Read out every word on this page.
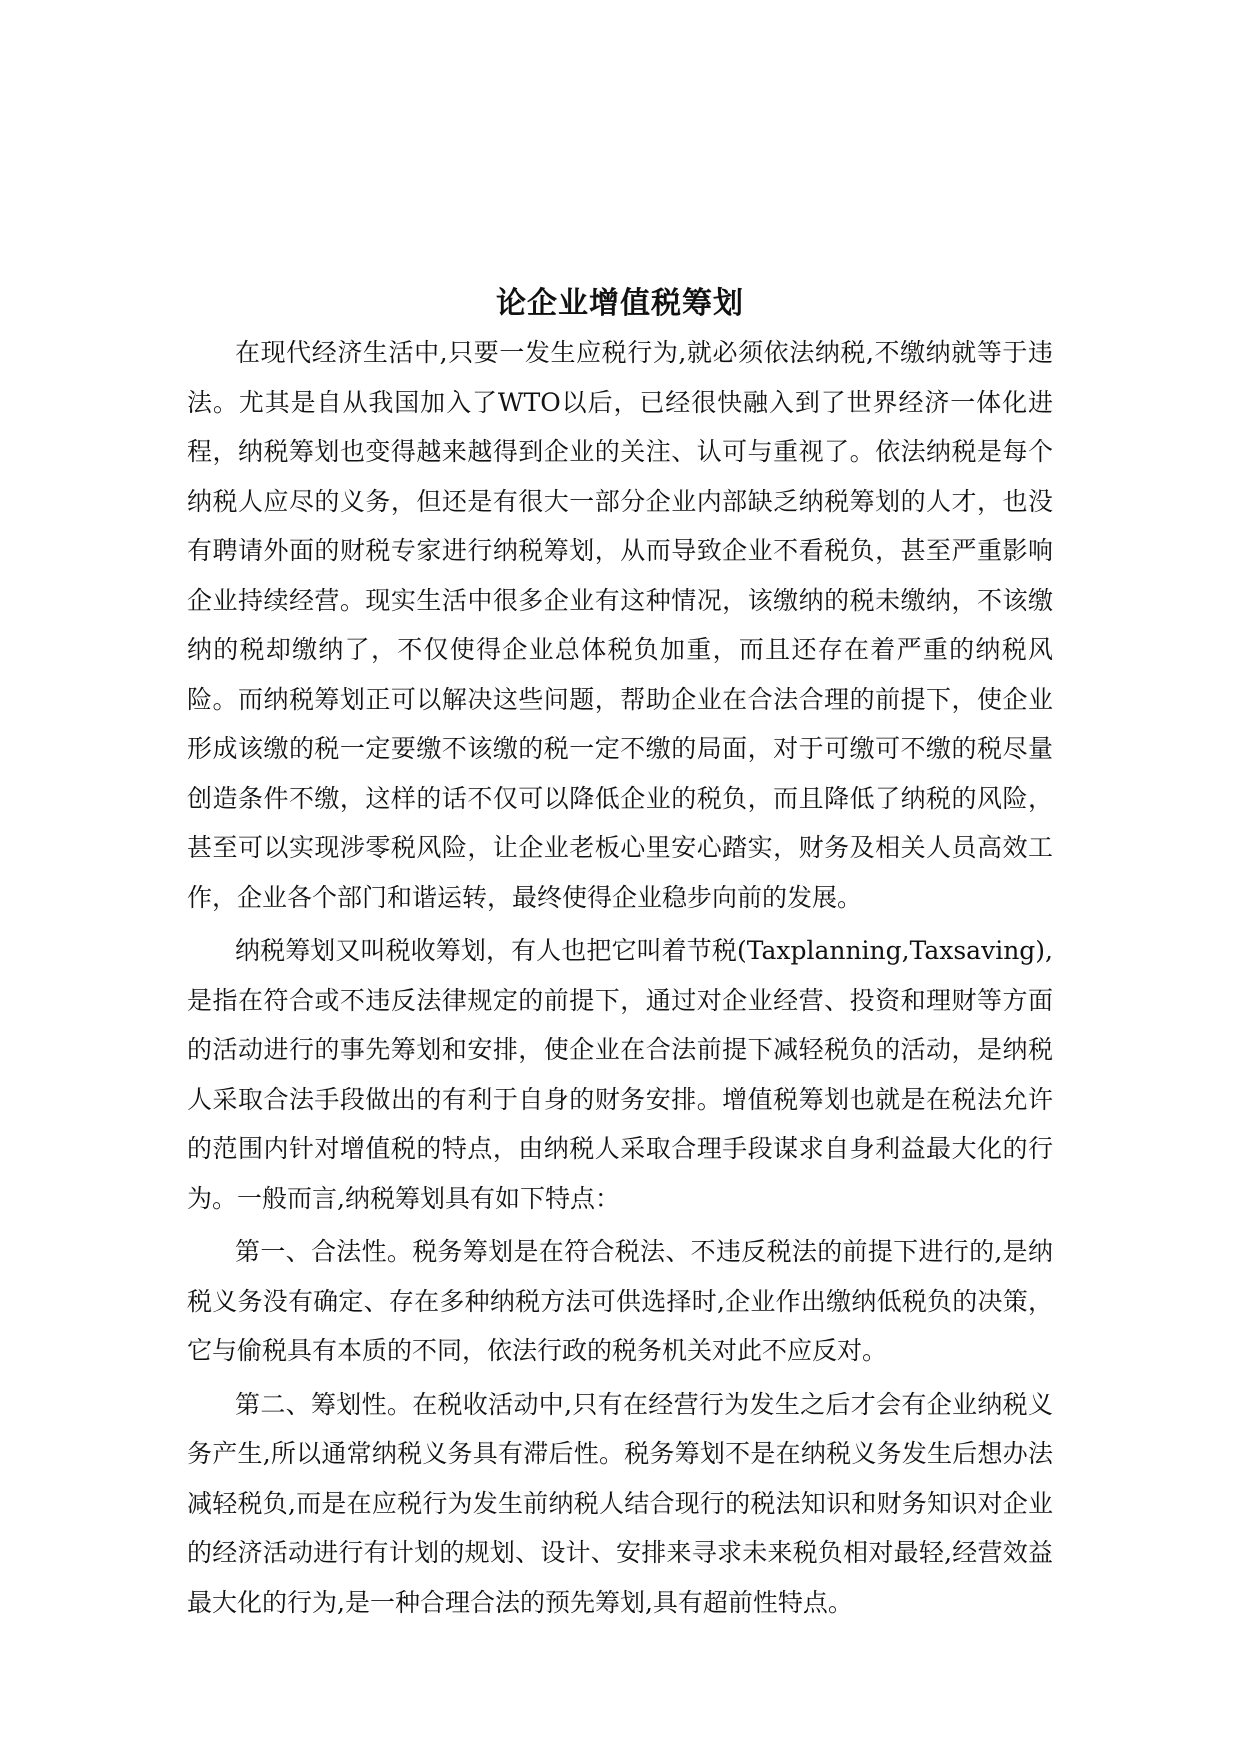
论企业增值税筹划

在现代经济生活中,只要一发生应税行为,就必须依法纳税,不缴纳就等于违法。尤其是自从我国加入了WTO以后，已经很快融入到了世界经济一体化进程，纳税筹划也变得越来越得到企业的关注、认可与重视了。依法纳税是每个纳税人应尽的义务，但还是有很大一部分企业内部缺乏纳税筹划的人才，也没有聘请外面的财税专家进行纳税筹划，从而导致企业不看税负，甚至严重影响企业持续经营。现实生活中很多企业有这种情况，该缴纳的税未缴纳，不该缴纳的税却缴纳了，不仅使得企业总体税负加重，而且还存在着严重的纳税风险。而纳税筹划正可以解决这些问题，帮助企业在合法合理的前提下，使企业形成该缴的税一定要缴不该缴的税一定不缴的局面，对于可缴可不缴的税尽量创造条件不缴，这样的话不仅可以降低企业的税负，而且降低了纳税的风险，甚至可以实现涉零税风险，让企业老板心里安心踏实，财务及相关人员高效工作，企业各个部门和谐运转，最终使得企业稳步向前的发展。

纳税筹划又叫税收筹划，有人也把它叫着节税(Taxplanning,Taxsaving),是指在符合或不违反法律规定的前提下，通过对企业经营、投资和理财等方面的活动进行的事先筹划和安排，使企业在合法前提下减轻税负的活动，是纳税人采取合法手段做出的有利于自身的财务安排。增值税筹划也就是在税法允许的范围内针对增值税的特点，由纳税人采取合理手段谋求自身利益最大化的行为。一般而言,纳税筹划具有如下特点：

第一、合法性。税务筹划是在符合税法、不违反税法的前提下进行的,是纳税义务没有确定、存在多种纳税方法可供选择时,企业作出缴纳低税负的决策，它与偷税具有本质的不同，依法行政的税务机关对此不应反对。

第二、筹划性。在税收活动中,只有在经营行为发生之后才会有企业纳税义务产生,所以通常纳税义务具有滞后性。税务筹划不是在纳税义务发生后想办法减轻税负,而是在应税行为发生前纳税人结合现行的税法知识和财务知识对企业的经济活动进行有计划的规划、设计、安排来寻求未来税负相对最轻,经营效益最大化的行为,是一种合理合法的预先筹划,具有超前性特点。
